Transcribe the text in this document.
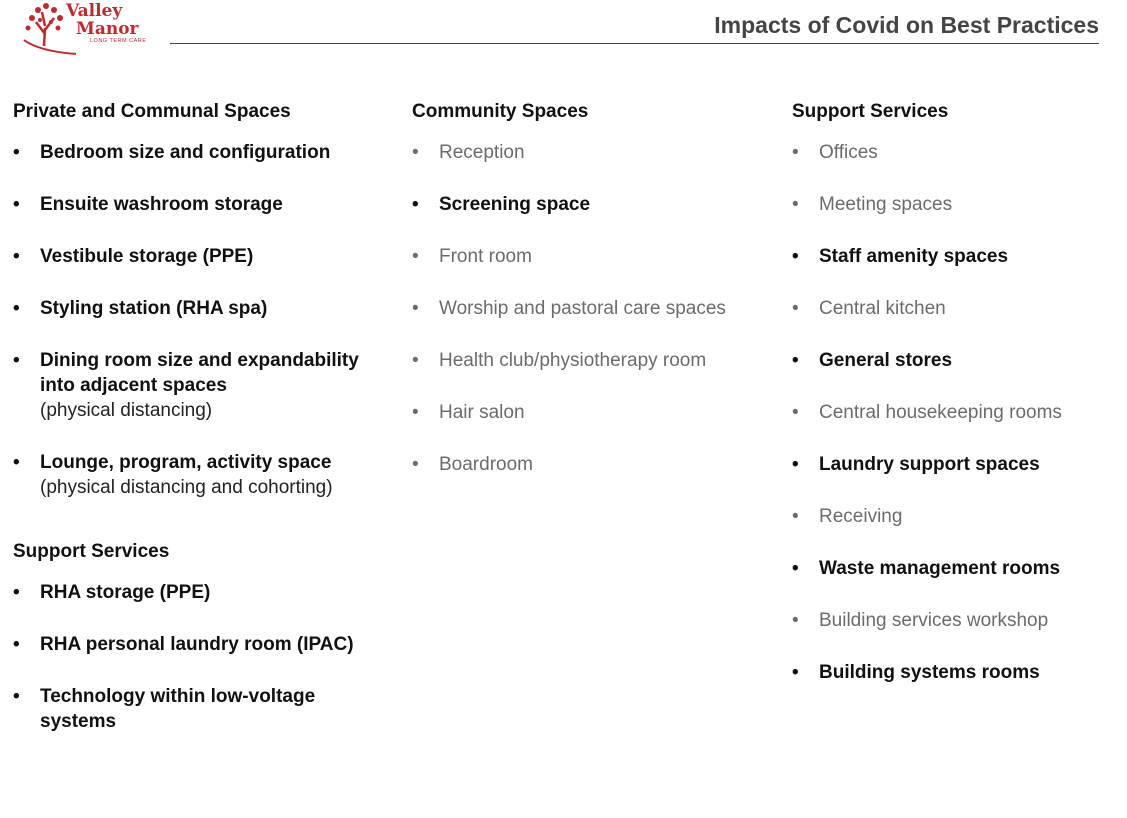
Valley
Manor
LONG TERM CARE
Impacts of Covid on Best Practices
Private and Communal Spaces
•	Bedroom size and configuration
•	Ensuite washroom storage
•	Vestibule storage (PPE)
•	Styling station (RHA spa)
•	Dining room size and expandability into adjacent spaces
(physical distancing)
•	Lounge, program, activity space
(physical distancing and cohorting)
Support Services
•	RHA storage (PPE)
•	RHA personal laundry room (IPAC)
•	Technology within low-voltage systems
Community Spaces
•	Reception
•	Screening space
•	Front room
•	Worship and pastoral care spaces
•	Health club/physiotherapy room
•	Hair salon
•	Boardroom
Support Services
•	Offices
•	Meeting spaces
•	Staff amenity spaces
•	Central kitchen
•	General stores
•	Central housekeeping rooms
•	Laundry support spaces
•	Receiving
•	Waste management rooms
•	Building services workshop
•	Building systems rooms
